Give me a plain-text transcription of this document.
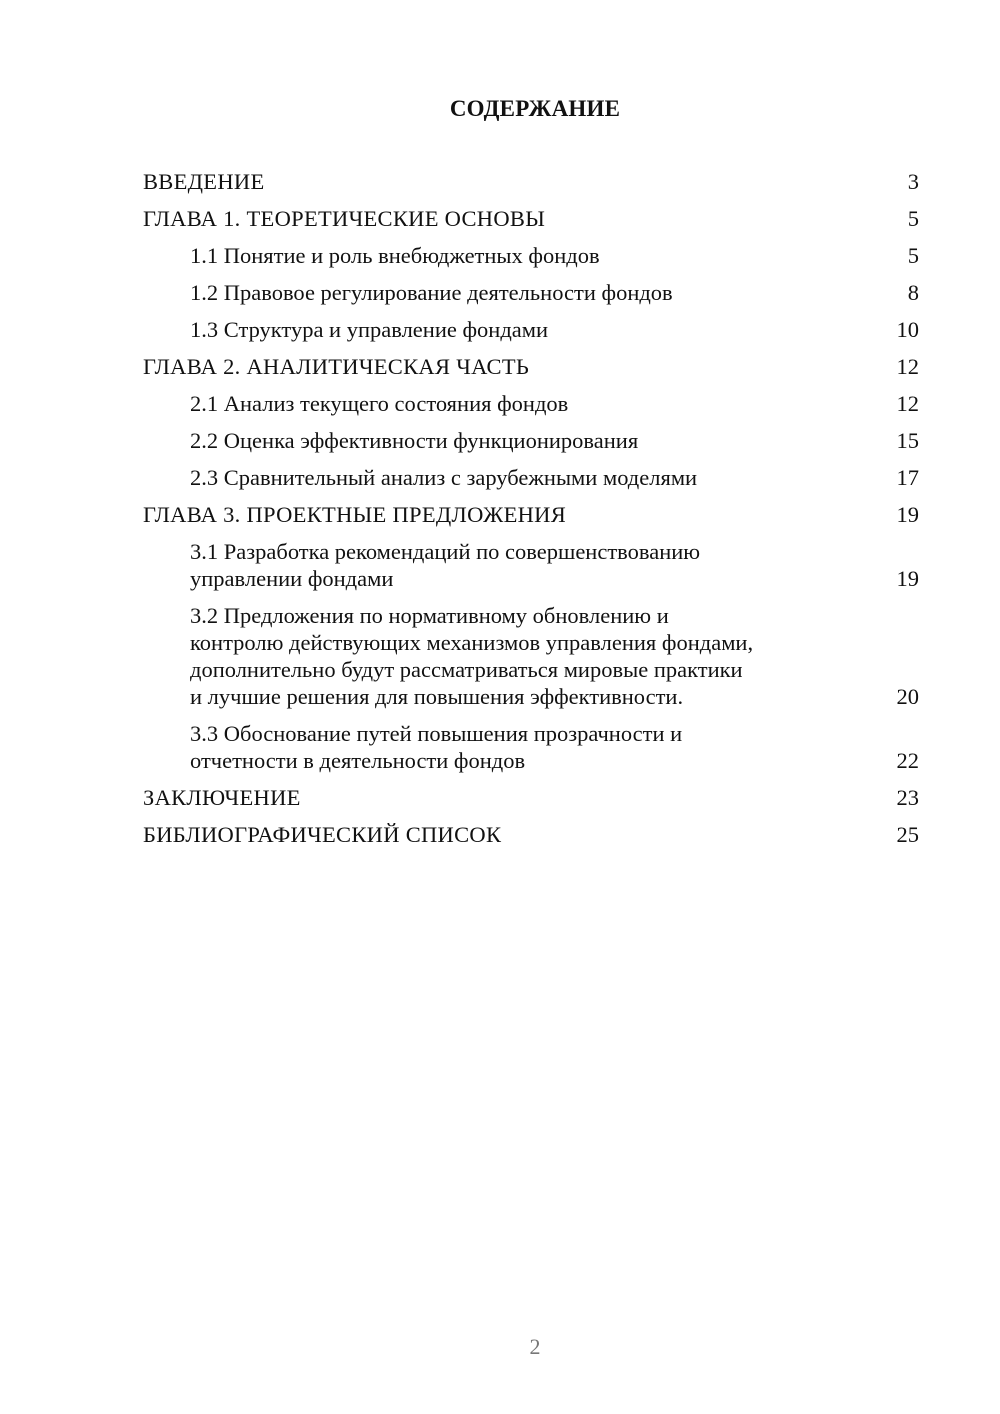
СОДЕРЖАНИЕ
ВВЕДЕНИЕ	3
ГЛАВА 1. ТЕОРЕТИЧЕСКИЕ ОСНОВЫ	5
1.1 Понятие и роль внебюджетных фондов	5
1.2 Правовое регулирование деятельности фондов	8
1.3 Структура и управление фондами	10
ГЛАВА 2. АНАЛИТИЧЕСКАЯ ЧАСТЬ	12
2.1 Анализ текущего состояния фондов	12
2.2 Оценка эффективности функционирования	15
2.3 Сравнительный анализ с зарубежными моделями	17
ГЛАВА 3. ПРОЕКТНЫЕ ПРЕДЛОЖЕНИЯ	19
3.1 Разработка рекомендаций по совершенствованию
управлении фондами	19
3.2 Предложения по нормативному обновлению и
контролю действующих механизмов управления фондами,
дополнительно будут рассматриваться мировые практики
и лучшие решения для повышения эффективности.	20
3.3 Обоснование путей повышения прозрачности и
отчетности в деятельности фондов	22
ЗАКЛЮЧЕНИЕ	23
БИБЛИОГРАФИЧЕСКИЙ СПИСОК	25
2
